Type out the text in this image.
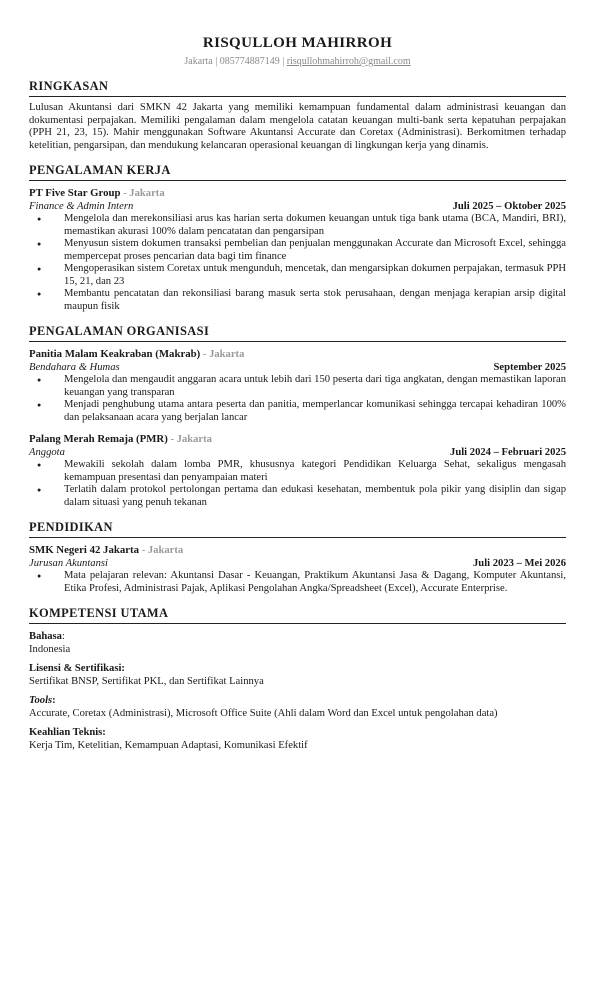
RISQULLOH MAHIRROH
Jakarta | 085774887149 | risqullohmahirroh@gmail.com
RINGKASAN
Lulusan Akuntansi dari SMKN 42 Jakarta yang memiliki kemampuan fundamental dalam administrasi keuangan dan dokumentasi perpajakan. Memiliki pengalaman dalam mengelola catatan keuangan multi-bank serta kepatuhan perpajakan (PPH 21, 23, 15). Mahir menggunakan Software Akuntansi Accurate dan Coretax (Administrasi). Berkomitmen terhadap ketelitian, pengarsipan, dan mendukung kelancaran operasional keuangan di lingkungan kerja yang dinamis.
PENGALAMAN KERJA
PT Five Star Group - Jakarta
Finance & Admin Intern	Juli 2025 – Oktober 2025
● Mengelola dan merekonsiliasi arus kas harian serta dokumen keuangan untuk tiga bank utama (BCA, Mandiri, BRI), memastikan akurasi 100% dalam pencatatan dan pengarsipan
● Menyusun sistem dokumen transaksi pembelian dan penjualan menggunakan Accurate dan Microsoft Excel, sehingga mempercepat proses pencarian data bagi tim finance
● Mengoperasikan sistem Coretax untuk mengunduh, mencetak, dan mengarsipkan dokumen perpajakan, termasuk PPH 15, 21, dan 23
● Membantu pencatatan dan rekonsiliasi barang masuk serta stok perusahaan, dengan menjaga kerapian arsip digital maupun fisik
PENGALAMAN ORGANISASI
Panitia Malam Keakraban (Makrab) - Jakarta
Bendahara & Humas	September 2025
● Mengelola dan mengaudit anggaran acara untuk lebih dari 150 peserta dari tiga angkatan, dengan memastikan laporan keuangan yang transparan
● Menjadi penghubung utama antara peserta dan panitia, memperlancar komunikasi sehingga tercapai kehadiran 100% dan pelaksanaan acara yang berjalan lancar
Palang Merah Remaja (PMR) - Jakarta
Anggota	Juli 2024 – Februari 2025
● Mewakili sekolah dalam lomba PMR, khususnya kategori Pendidikan Keluarga Sehat, sekaligus mengasah kemampuan presentasi dan penyampaian materi
● Terlatih dalam protokol pertolongan pertama dan edukasi kesehatan, membentuk pola pikir yang disiplin dan sigap dalam situasi yang penuh tekanan
PENDIDIKAN
SMK Negeri 42 Jakarta - Jakarta
Jurusan Akuntansi	Juli 2023 – Mei 2026
● Mata pelajaran relevan: Akuntansi Dasar - Keuangan, Praktikum Akuntansi Jasa & Dagang, Komputer Akuntansi, Etika Profesi, Administrasi Pajak, Aplikasi Pengolahan Angka/Spreadsheet (Excel), Accurate Enterprise.
KOMPETENSI UTAMA
Bahasa:
Indonesia
Lisensi & Sertifikasi:
Sertifikat BNSP, Sertifikat PKL, dan Sertifikat Lainnya
Tools:
Accurate, Coretax (Administrasi), Microsoft Office Suite (Ahli dalam Word dan Excel untuk pengolahan data)
Keahlian Teknis:
Kerja Tim, Ketelitian, Kemampuan Adaptasi, Komunikasi Efektif
